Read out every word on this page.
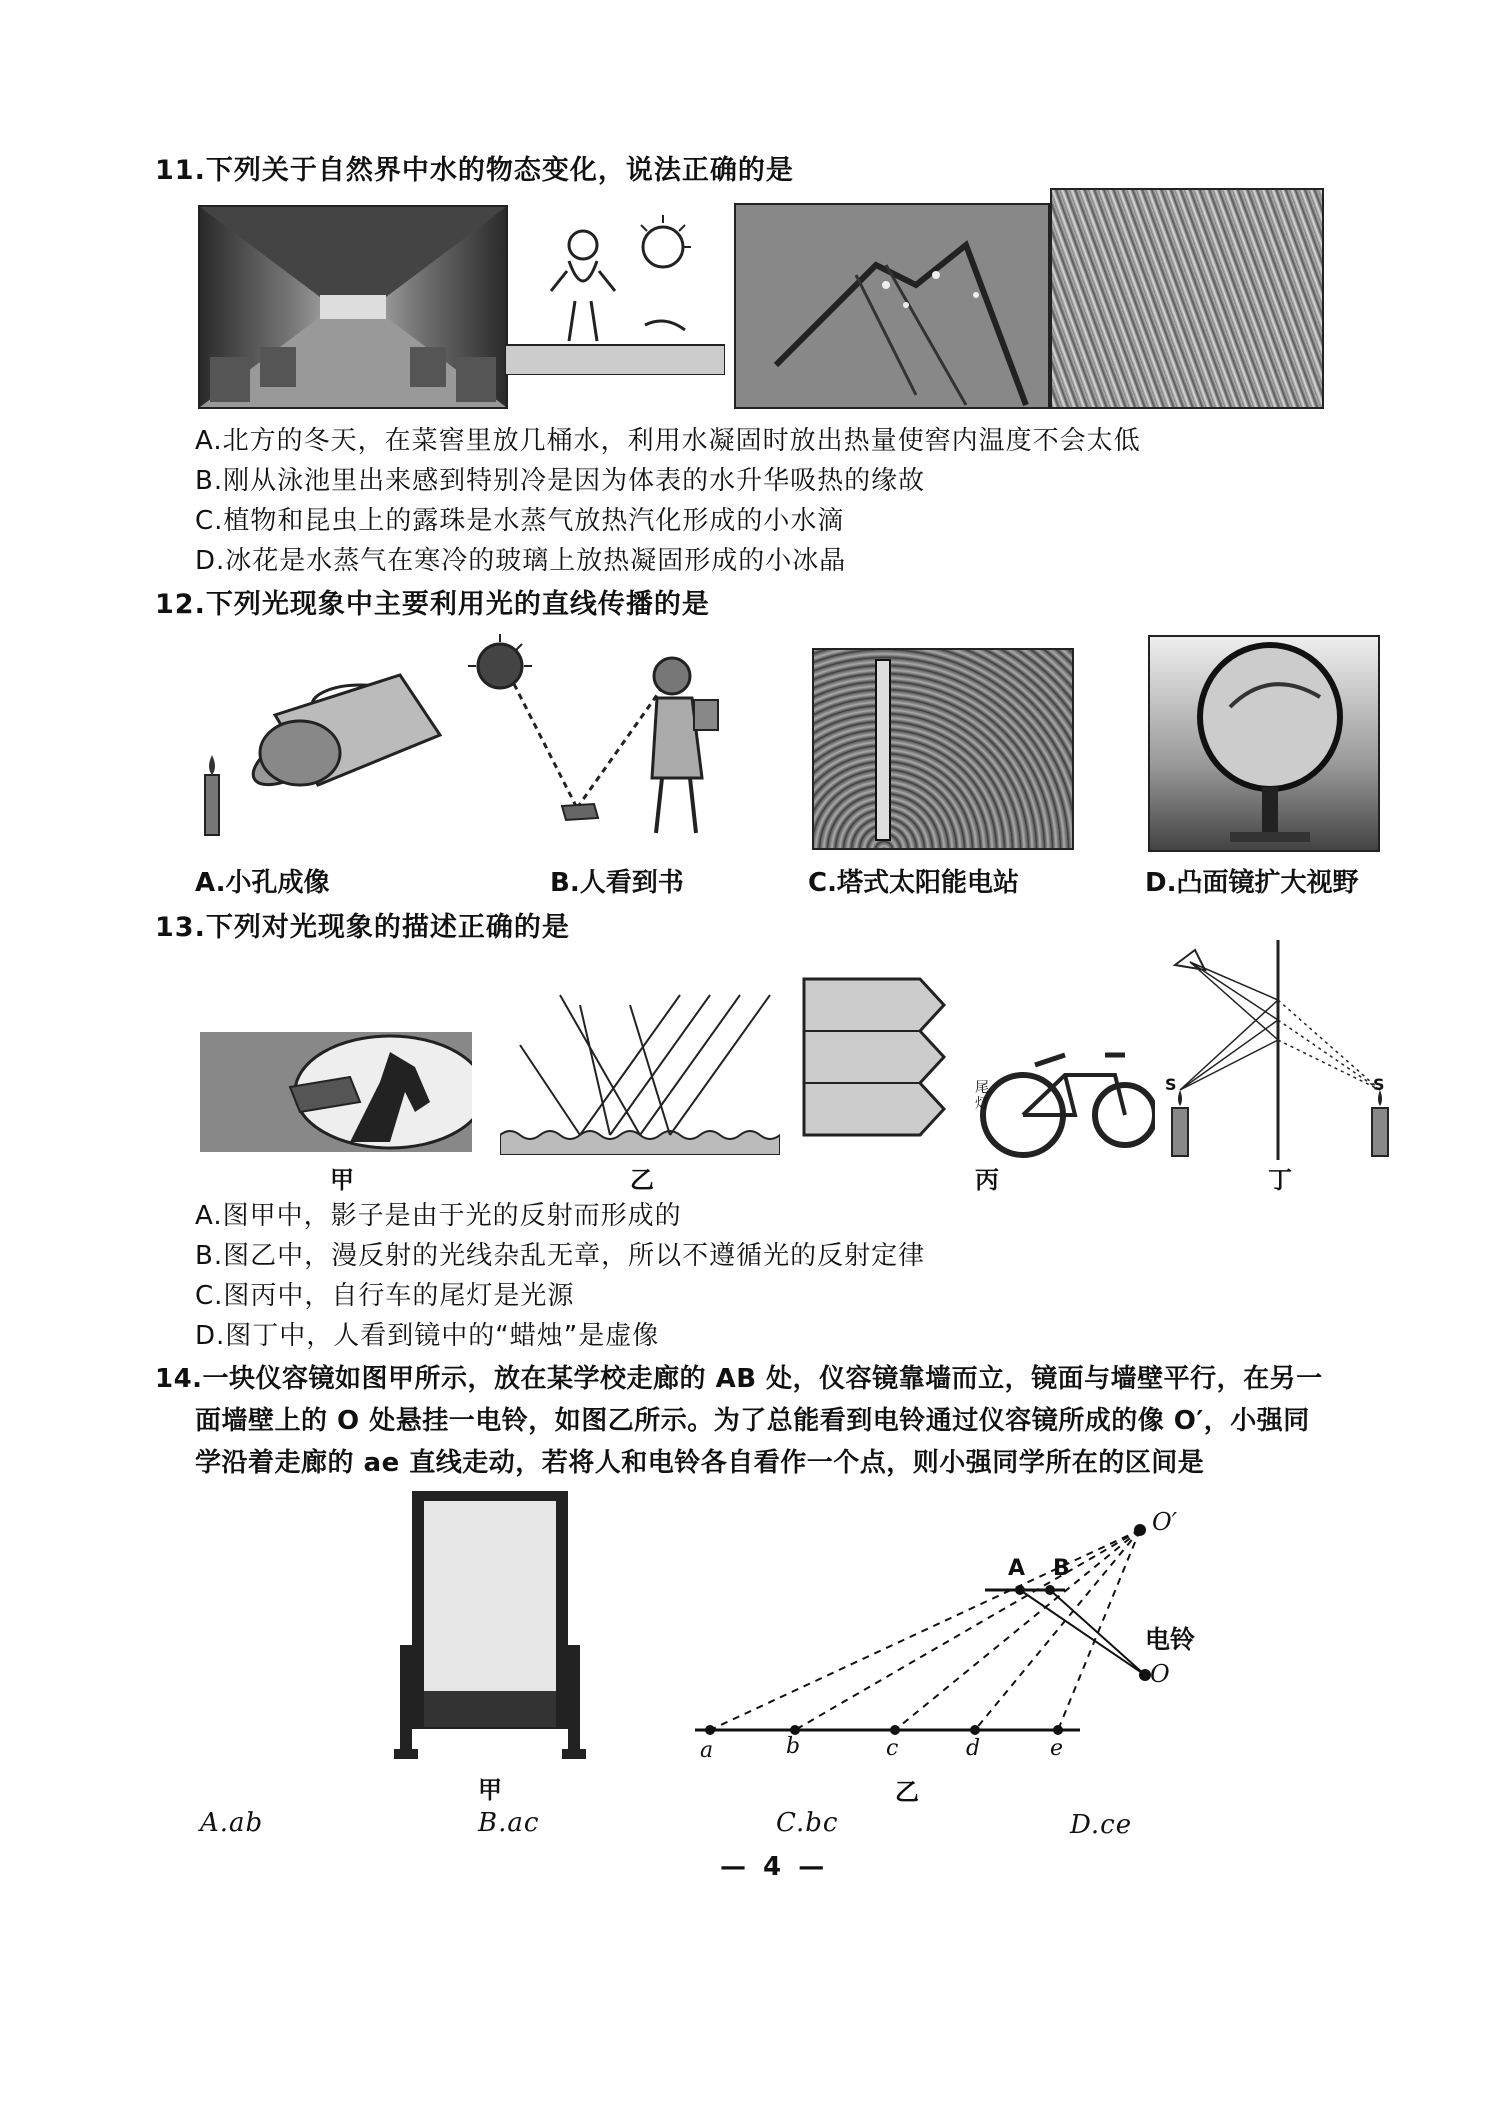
11.下列关于自然界中水的物态变化，说法正确的是
A.北方的冬天，在菜窖里放几桶水，利用水凝固时放出热量使窖内温度不会太低
B.刚从泳池里出来感到特别冷是因为体表的水升华吸热的缘故
C.植物和昆虫上的露珠是水蒸气放热汽化形成的小水滴
D.冰花是水蒸气在寒冷的玻璃上放热凝固形成的小冰晶
12.下列光现象中主要利用光的直线传播的是
A.小孔成像	B.人看到书	C.塔式太阳能电站	D.凸面镜扩大视野
13.下列对光现象的描述正确的是
尾灯
S	S
甲	乙	丙	丁
A.图甲中，影子是由于光的反射而形成的
B.图乙中，漫反射的光线杂乱无章，所以不遵循光的反射定律
C.图丙中，自行车的尾灯是光源
D.图丁中，人看到镜中的“蜡烛”是虚像
14.一块仪容镜如图甲所示，放在某学校走廊的 AB 处，仪容镜靠墙而立，镜面与墙壁平行，在另一
面墙壁上的 O 处悬挂一电铃，如图乙所示。为了总能看到电铃通过仪容镜所成的像 O′，小强同
学沿着走廊的 ae 直线走动，若将人和电铃各自看作一个点，则小强同学所在的区间是
甲
a	b	c	d	e
A B
O′
O
电铃
乙
A.ab	B.ac	C.bc	D.ce
— 4 —
